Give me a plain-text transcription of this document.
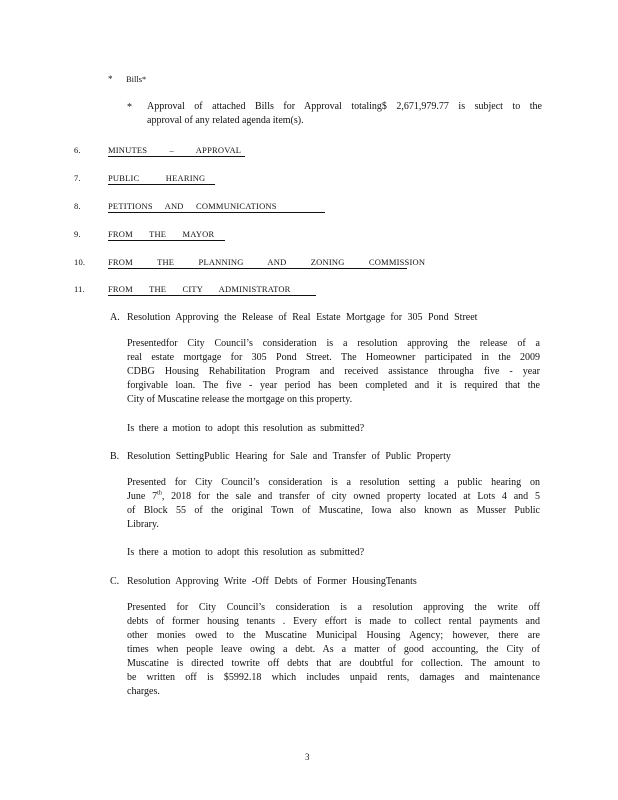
* Bills*
* Approval of attached Bills for Approval totaling$ 2,671,979.77 is subject to the
approval of any related agenda item(s).
6.	MINUTES – APPROVAL
7.	PUBLIC HEARING
8.	PETITIONS AND COMMUNICATIONS
9.	FROM THE MAYOR
10.	FROM THE PLANNING AND ZONING COMMISSION
11.	FROM THE CITY ADMINISTRATOR
A. Resolution Approving the Release of Real Estate Mortgage for 305 Pond Street
Presentedfor City Council’s consideration is a resolution approving the release of a
real estate mortgage for 305 Pond Street. The Homeowner participated in the 2009
CDBG Housing Rehabilitation Program and received assistance througha five - year
forgivable loan. The five - year period has been completed and it is required that the
City of Muscatine release the mortgage on this property.
Is there a motion to adopt this resolution as submitted?
B. Resolution SettingPublic Hearing for Sale and Transfer of Public Property
Presented for City Council’s consideration is a resolution setting a public hearing on
June 7th, 2018 for the sale and transfer of city owned property located at Lots 4 and 5
of Block 55 of the original Town of Muscatine, Iowa also known as Musser Public
Library.
Is there a motion to adopt this resolution as submitted?
C. Resolution Approving Write -Off Debts of Former HousingTenants
Presented for City Council’s consideration is a resolution approving the write off
debts of former housing tenants . Every effort is made to collect rental payments and
other monies owed to the Muscatine Municipal Housing Agency; however, there are
times when people leave owing a debt. As a matter of good accounting, the City of
Muscatine is directed towrite off debts that are doubtful for collection. The amount to
be written off is $5992.18 which includes unpaid rents, damages and maintenance
charges.
3
